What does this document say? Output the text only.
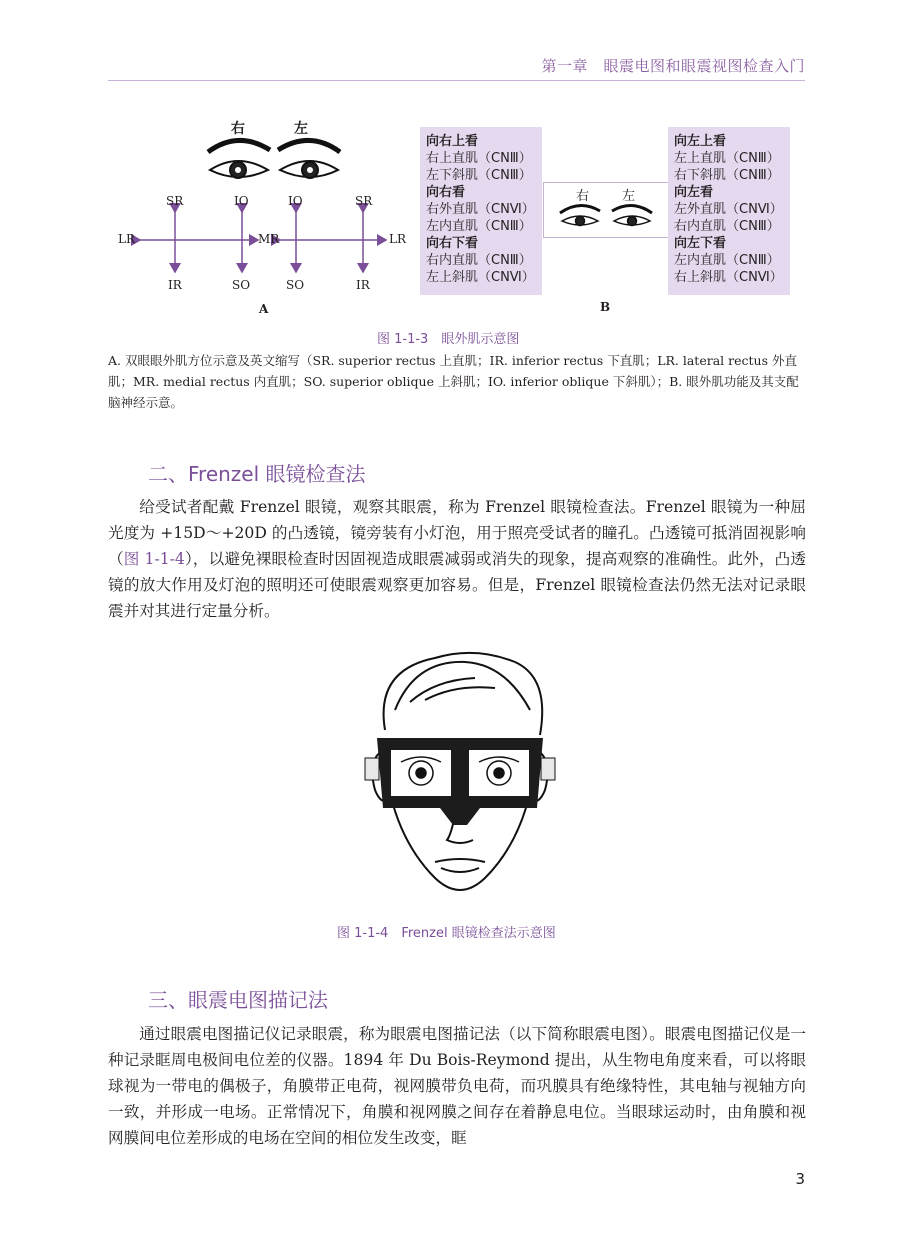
第一章　眼震电图和眼震视图检查入门
右	左
SR	IO	IO	SR
LR	MR	LR
IR	SO	SO	IR
A
向右上看
右上直肌（CNⅢ）
左下斜肌（CNⅢ）
向右看
右外直肌（CNⅥ）
左内直肌（CNⅢ）
向右下看
右内直肌（CNⅢ）
左上斜肌（CNⅥ）
右	左
向左上看
左上直肌（CNⅢ）
右下斜肌（CNⅢ）
向左看
左外直肌（CNⅥ）
右内直肌（CNⅢ）
向左下看
左内直肌（CNⅢ）
右上斜肌（CNⅥ）
B
图 1-1-3　眼外肌示意图
A. 双眼眼外肌方位示意及英文缩写（SR. superior rectus 上直肌；IR. inferior rectus 下直肌；LR. lateral rectus 外直肌；MR. medial rectus 内直肌；SO. superior oblique 上斜肌；IO. inferior oblique 下斜肌）；B. 眼外肌功能及其支配脑神经示意。
二、Frenzel 眼镜检查法
给受试者配戴 Frenzel 眼镜，观察其眼震，称为 Frenzel 眼镜检查法。Frenzel 眼镜为一种屈光度为 +15D～+20D 的凸透镜，镜旁装有小灯泡，用于照亮受试者的瞳孔。凸透镜可抵消固视影响（图 1-1-4），以避免裸眼检查时因固视造成眼震减弱或消失的现象，提高观察的准确性。此外，凸透镜的放大作用及灯泡的照明还可使眼震观察更加容易。但是，Frenzel 眼镜检查法仍然无法对记录眼震并对其进行定量分析。
图 1-1-4　Frenzel 眼镜检查法示意图
三、眼震电图描记法
通过眼震电图描记仪记录眼震，称为眼震电图描记法（以下简称眼震电图）。眼震电图描记仪是一种记录眶周电极间电位差的仪器。1894 年 Du Bois-Reymond 提出，从生物电角度来看，可以将眼球视为一带电的偶极子，角膜带正电荷，视网膜带负电荷，而巩膜具有绝缘特性，其电轴与视轴方向一致，并形成一电场。正常情况下，角膜和视网膜之间存在着静息电位。当眼球运动时，由角膜和视网膜间电位差形成的电场在空间的相位发生改变，眶
3
